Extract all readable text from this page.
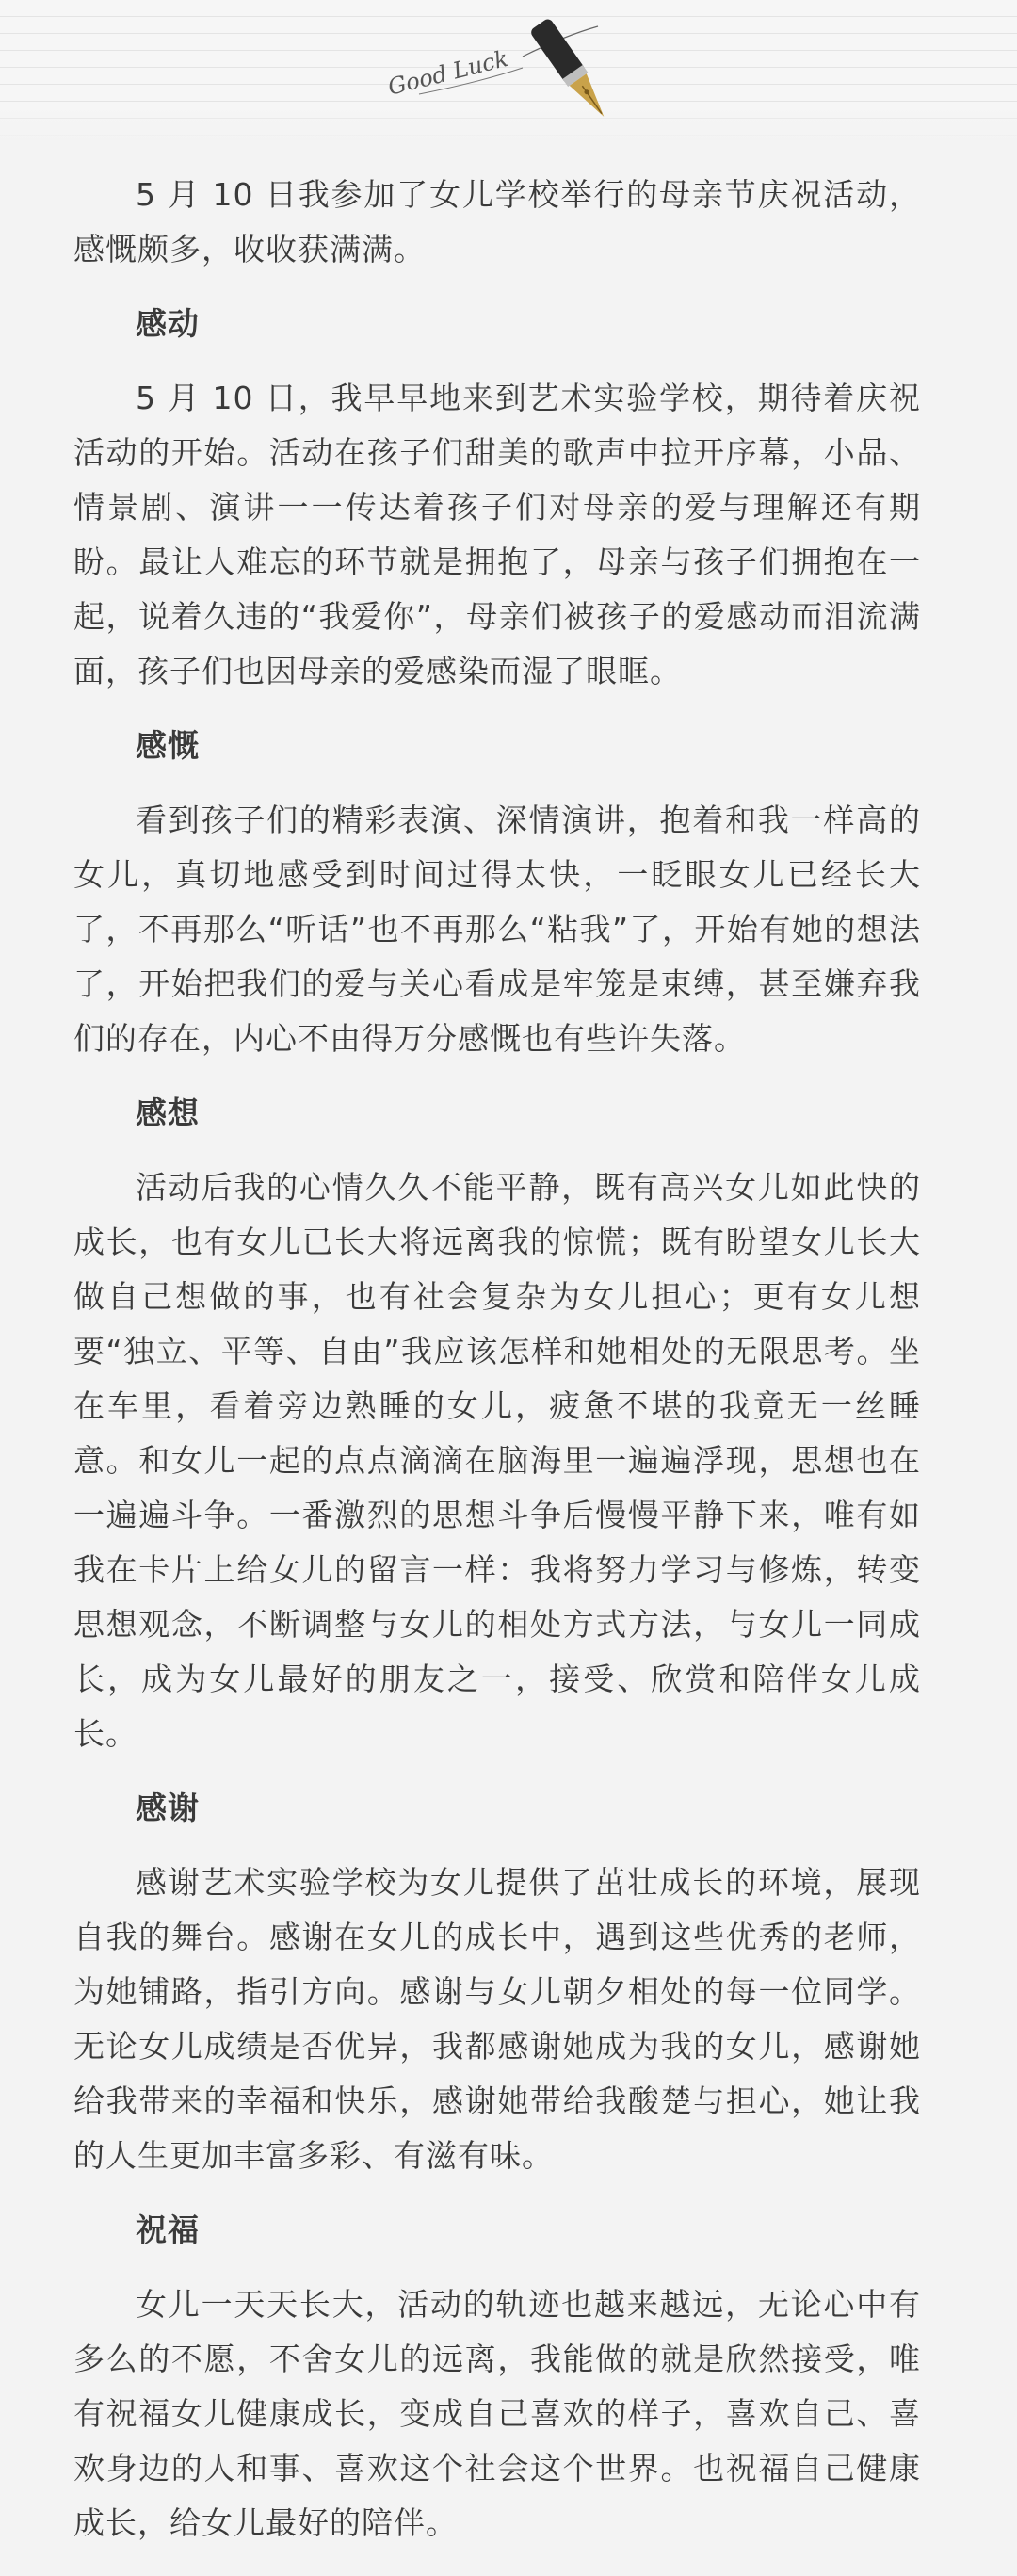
Good Luck

5 月 10 日我参加了女儿学校举行的母亲节庆祝活动，感慨颇多，收收获满满。

感动

5 月 10 日，我早早地来到艺术实验学校，期待着庆祝活动的开始。活动在孩子们甜美的歌声中拉开序幕，小品、情景剧、演讲一一传达着孩子们对母亲的爱与理解还有期盼。最让人难忘的环节就是拥抱了，母亲与孩子们拥抱在一起，说着久违的“我爱你”，母亲们被孩子的爱感动而泪流满面，孩子们也因母亲的爱感染而湿了眼眶。

感慨

看到孩子们的精彩表演、深情演讲，抱着和我一样高的女儿，真切地感受到时间过得太快，一眨眼女儿已经长大了，不再那么“听话”也不再那么“粘我”了，开始有她的想法了，开始把我们的爱与关心看成是牢笼是束缚，甚至嫌弃我们的存在，内心不由得万分感慨也有些许失落。

感想

活动后我的心情久久不能平静，既有高兴女儿如此快的成长，也有女儿已长大将远离我的惊慌；既有盼望女儿长大做自己想做的事，也有社会复杂为女儿担心；更有女儿想要“独立、平等、自由”我应该怎样和她相处的无限思考。坐在车里，看着旁边熟睡的女儿，疲惫不堪的我竟无一丝睡意。和女儿一起的点点滴滴在脑海里一遍遍浮现，思想也在一遍遍斗争。一番激烈的思想斗争后慢慢平静下来，唯有如我在卡片上给女儿的留言一样：我将努力学习与修炼，转变思想观念，不断调整与女儿的相处方式方法，与女儿一同成长，成为女儿最好的朋友之一，接受、欣赏和陪伴女儿成长。

感谢

感谢艺术实验学校为女儿提供了茁壮成长的环境，展现自我的舞台。感谢在女儿的成长中，遇到这些优秀的老师，为她铺路，指引方向。感谢与女儿朝夕相处的每一位同学。无论女儿成绩是否优异，我都感谢她成为我的女儿，感谢她给我带来的幸福和快乐，感谢她带给我酸楚与担心，她让我的人生更加丰富多彩、有滋有味。

祝福

女儿一天天长大，活动的轨迹也越来越远，无论心中有多么的不愿，不舍女儿的远离，我能做的就是欣然接受，唯有祝福女儿健康成长，变成自己喜欢的样子，喜欢自己、喜欢身边的人和事、喜欢这个社会这个世界。也祝福自己健康成长，给女儿最好的陪伴。
